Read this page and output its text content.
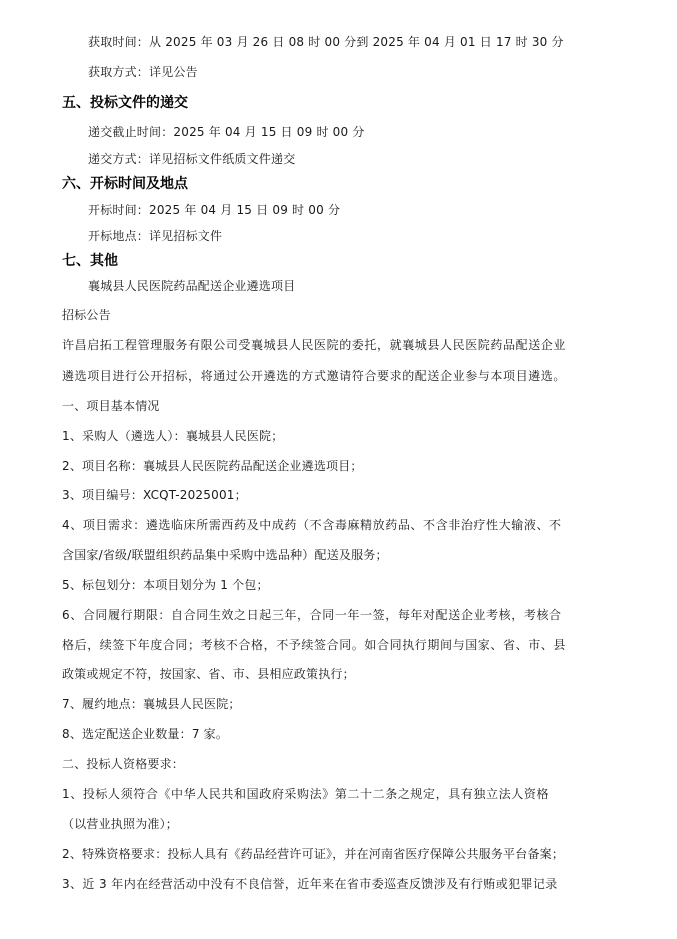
获取时间：从 2025 年 03 月 26 日 08 时 00 分到 2025 年 04 月 01 日 17 时 30 分
获取方式：详见公告
五、投标文件的递交
递交截止时间：2025 年 04 月 15 日 09 时 00 分
递交方式：详见招标文件纸质文件递交
六、开标时间及地点
开标时间：2025 年 04 月 15 日 09 时 00 分
开标地点：详见招标文件
七、其他
襄城县人民医院药品配送企业遴选项目
招标公告
许昌启拓工程管理服务有限公司受襄城县人民医院的委托，就襄城县人民医院药品配送企业
遴选项目进行公开招标，将通过公开遴选的方式邀请符合要求的配送企业参与本项目遴选。
一、项目基本情况
1、采购人（遴选人）：襄城县人民医院；
2、项目名称：襄城县人民医院药品配送企业遴选项目；
3、项目编号：XCQT-2025001；
4、项目需求：遴选临床所需西药及中成药（不含毒麻精放药品、不含非治疗性大输液、不
含国家/省级/联盟组织药品集中采购中选品种）配送及服务；
5、标包划分：本项目划分为 1 个包；
6、合同履行期限：自合同生效之日起三年，合同一年一签，每年对配送企业考核，考核合
格后，续签下年度合同；考核不合格，不予续签合同。如合同执行期间与国家、省、市、县
政策或规定不符，按国家、省、市、县相应政策执行；
7、履约地点：襄城县人民医院；
8、选定配送企业数量：7 家。
二、投标人资格要求：
1、投标人须符合《中华人民共和国政府采购法》第二十二条之规定，具有独立法人资格
（以营业执照为准）；
2、特殊资格要求：投标人具有《药品经营许可证》，并在河南省医疗保障公共服务平台备案；
3、近 3 年内在经营活动中没有不良信誉，近年来在省市委巡查反馈涉及有行贿或犯罪记录
